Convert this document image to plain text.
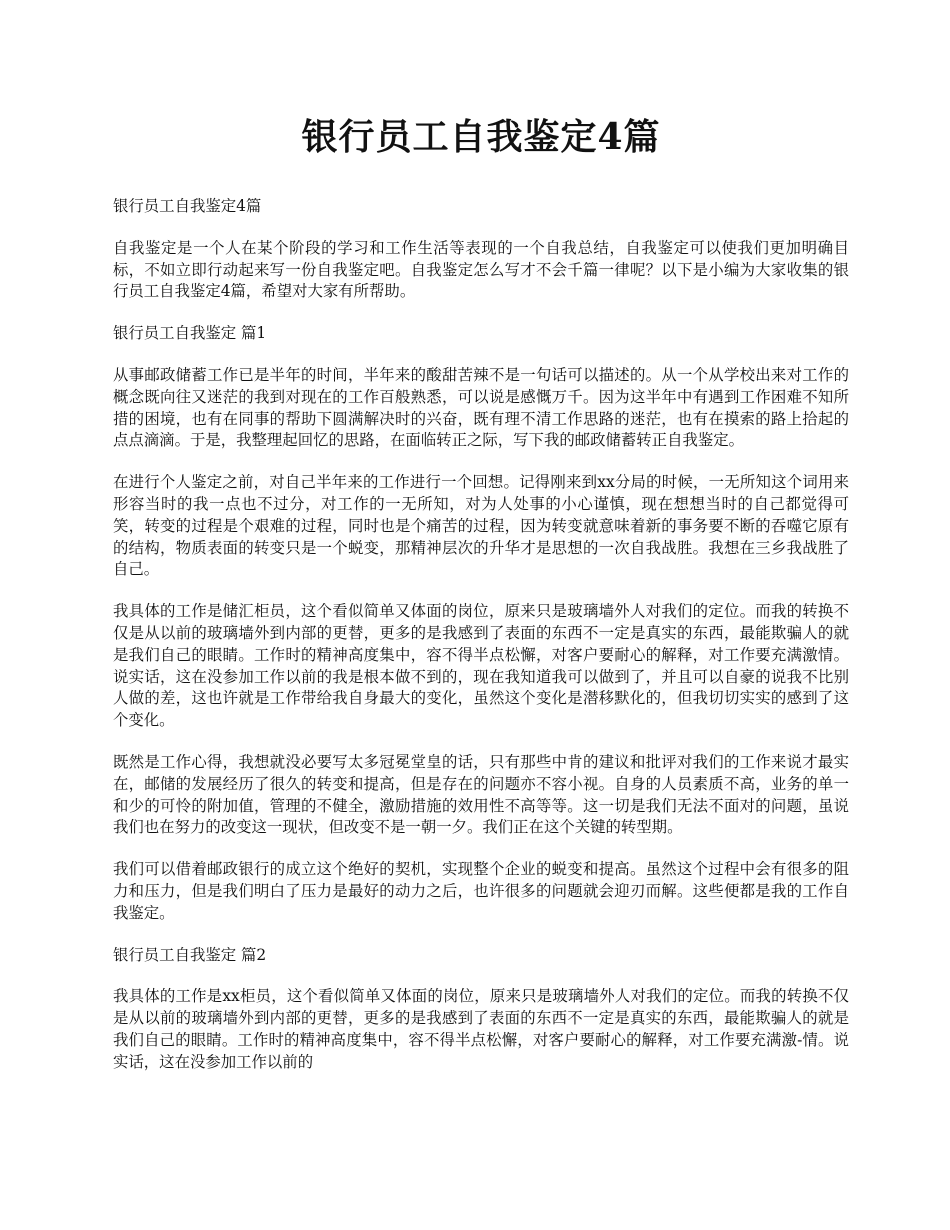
银行员工自我鉴定4篇

银行员工自我鉴定4篇

自我鉴定是一个人在某个阶段的学习和工作生活等表现的一个自我总结，自我鉴定可以使我们更加明确目标，不如立即行动起来写一份自我鉴定吧。自我鉴定怎么写才不会千篇一律呢？以下是小编为大家收集的银行员工自我鉴定4篇，希望对大家有所帮助。

银行员工自我鉴定 篇1

从事邮政储蓄工作已是半年的时间，半年来的酸甜苦辣不是一句话可以描述的。从一个从学校出来对工作的概念既向往又迷茫的我到对现在的工作百般熟悉，可以说是感慨万千。因为这半年中有遇到工作困难不知所措的困境，也有在同事的帮助下圆满解决时的兴奋，既有理不清工作思路的迷茫，也有在摸索的路上拾起的点点滴滴。于是，我整理起回忆的思路，在面临转正之际，写下我的邮政储蓄转正自我鉴定。

在进行个人鉴定之前，对自己半年来的工作进行一个回想。记得刚来到xx分局的时候，一无所知这个词用来形容当时的我一点也不过分，对工作的一无所知，对为人处事的小心谨慎，现在想想当时的自己都觉得可笑，转变的过程是个艰难的过程，同时也是个痛苦的过程，因为转变就意味着新的事务要不断的吞噬它原有的结构，物质表面的转变只是一个蜕变，那精神层次的升华才是思想的一次自我战胜。我想在三乡我战胜了自己。

我具体的工作是储汇柜员，这个看似简单又体面的岗位，原来只是玻璃墙外人对我们的定位。而我的转换不仅是从以前的玻璃墙外到内部的更替，更多的是我感到了表面的东西不一定是真实的东西，最能欺骗人的就是我们自己的眼睛。工作时的精神高度集中，容不得半点松懈，对客户要耐心的解释，对工作要充满激情。说实话，这在没参加工作以前的我是根本做不到的，现在我知道我可以做到了，并且可以自豪的说我不比别人做的差，这也许就是工作带给我自身最大的变化，虽然这个变化是潜移默化的，但我切切实实的感到了这个变化。

既然是工作心得，我想就没必要写太多冠冕堂皇的话，只有那些中肯的建议和批评对我们的工作来说才最实在，邮储的发展经历了很久的转变和提高，但是存在的问题亦不容小视。自身的人员素质不高，业务的单一和少的可怜的附加值，管理的不健全，激励措施的效用性不高等等。这一切是我们无法不面对的问题，虽说我们也在努力的改变这一现状，但改变不是一朝一夕。我们正在这个关键的转型期。

我们可以借着邮政银行的成立这个绝好的契机，实现整个企业的蜕变和提高。虽然这个过程中会有很多的阻力和压力，但是我们明白了压力是最好的动力之后，也许很多的问题就会迎刃而解。这些便都是我的工作自我鉴定。

银行员工自我鉴定 篇2

我具体的工作是xx柜员，这个看似简单又体面的岗位，原来只是玻璃墙外人对我们的定位。而我的转换不仅是从以前的玻璃墙外到内部的更替，更多的是我感到了表面的东西不一定是真实的东西，最能欺骗人的就是我们自己的眼睛。工作时的精神高度集中，容不得半点松懈，对客户要耐心的解释，对工作要充满激-情。说实话，这在没参加工作以前的
